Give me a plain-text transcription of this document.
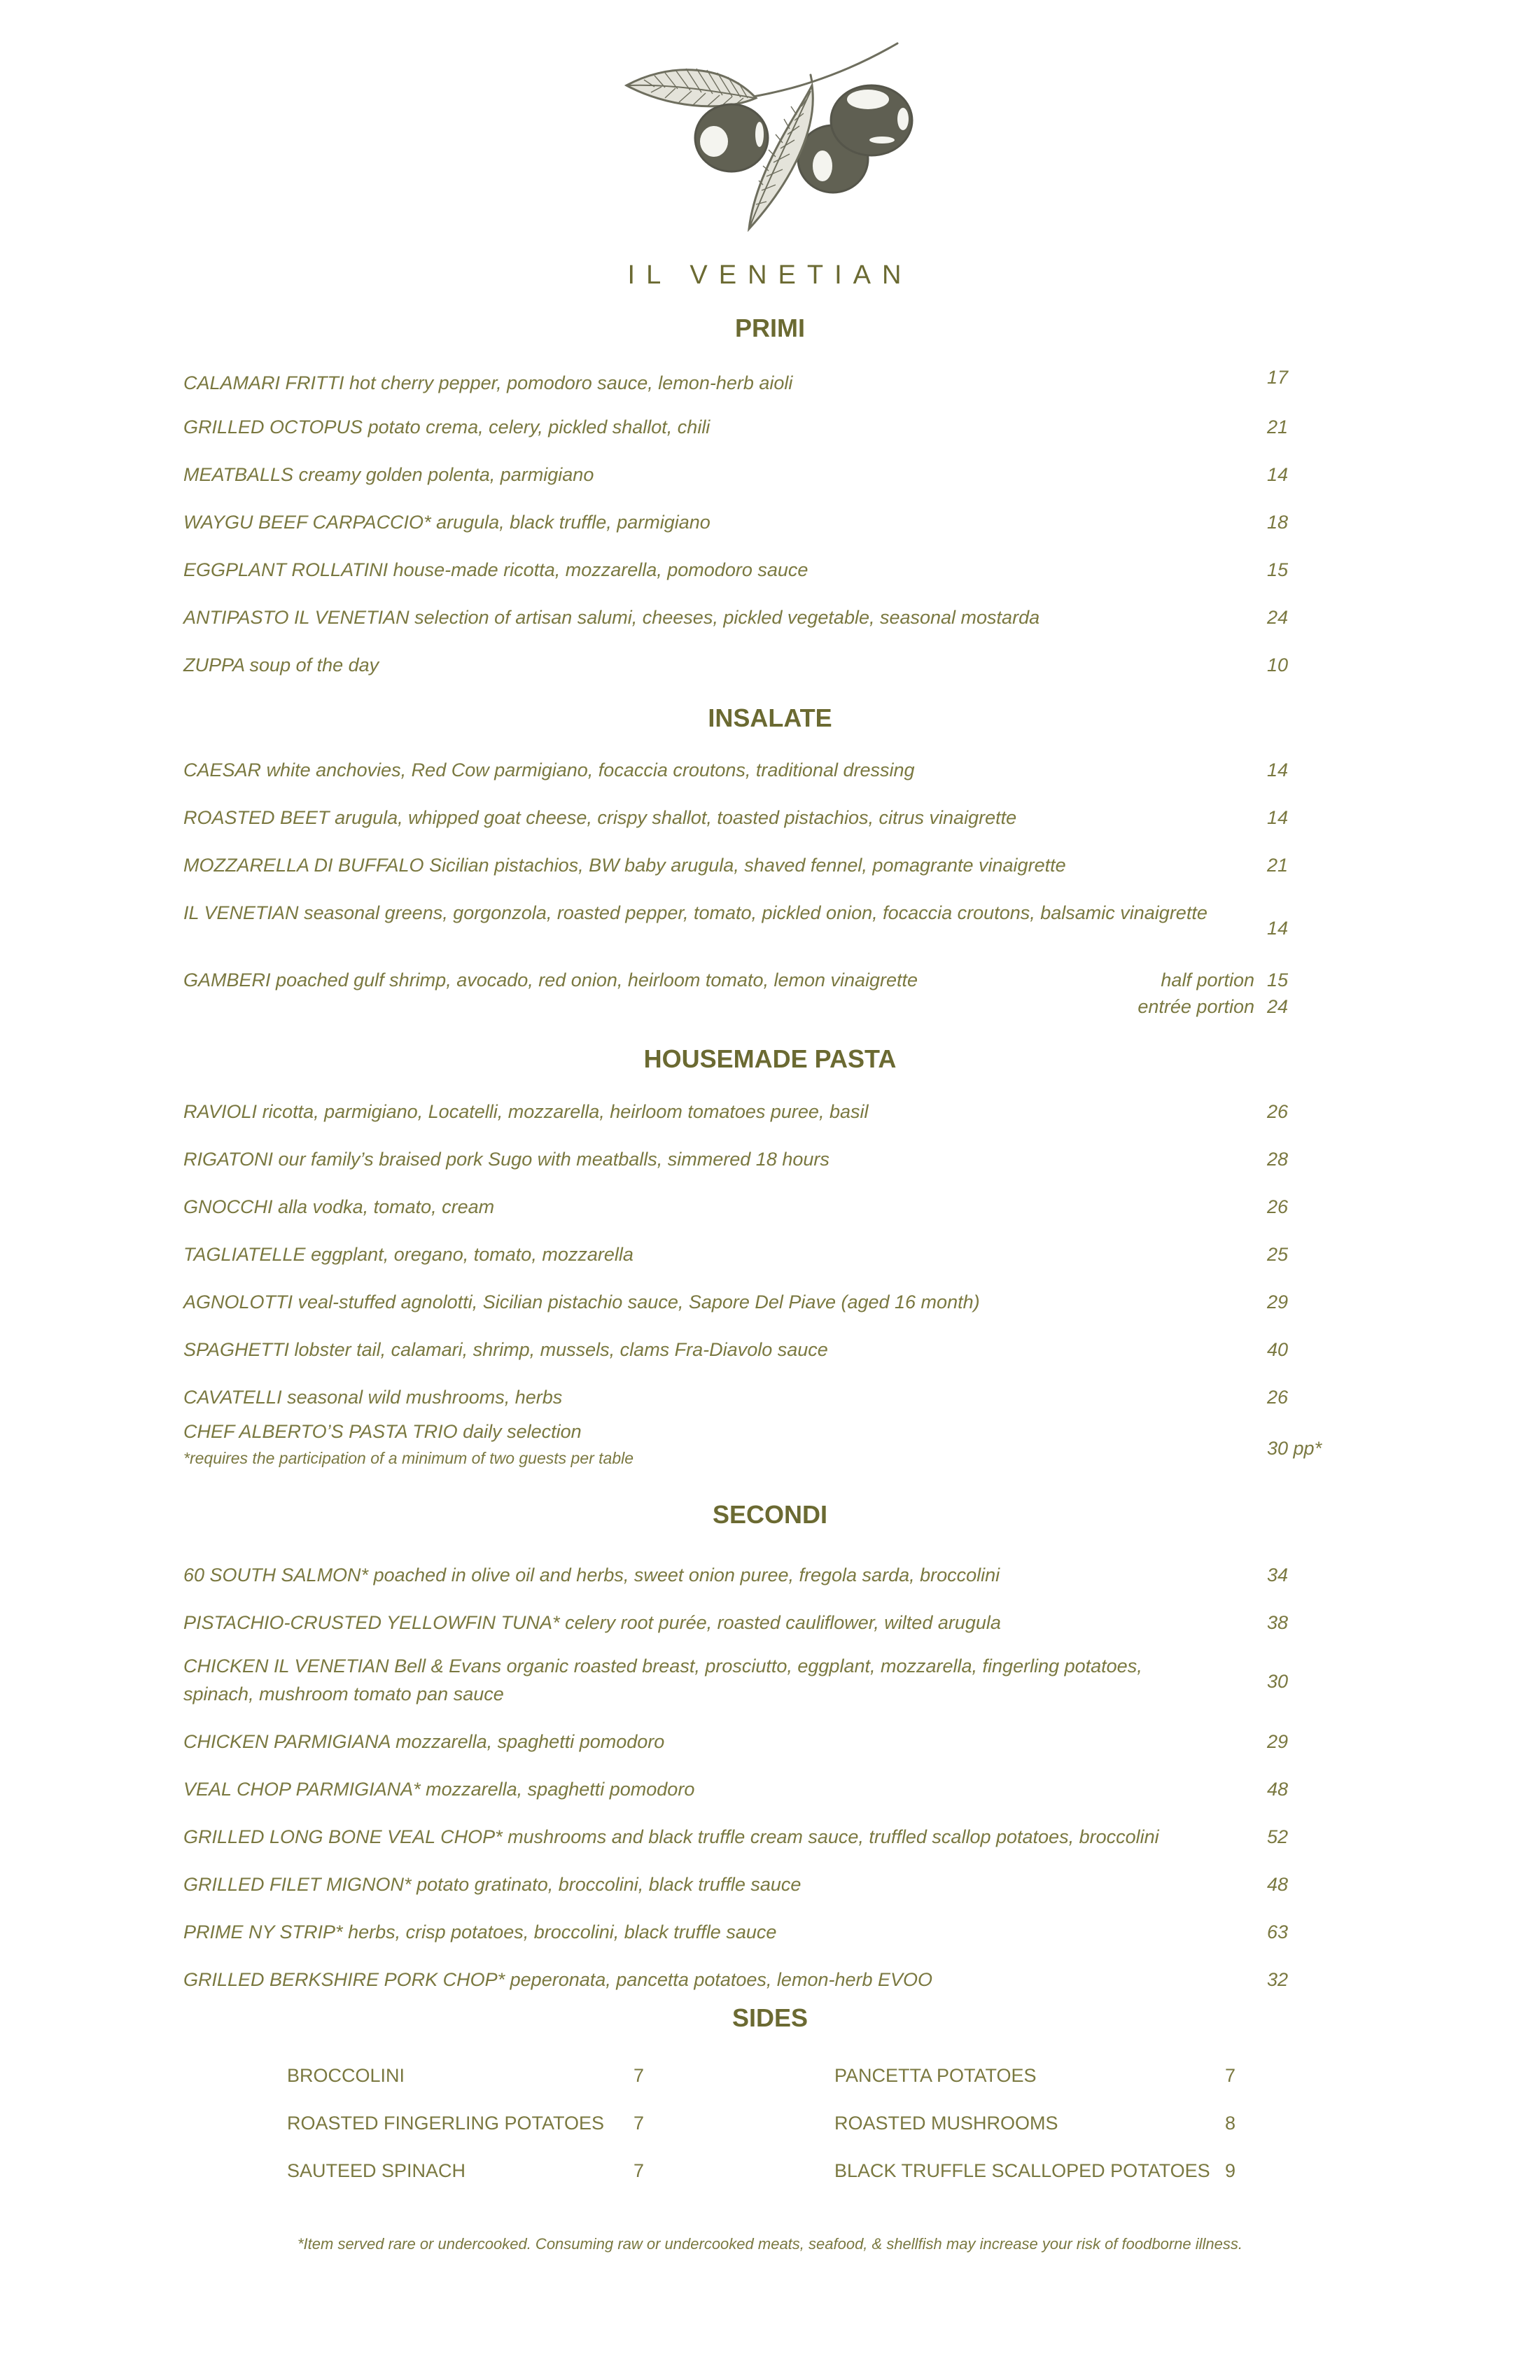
IL VENETIAN
PRIMI
CALAMARI FRITTI hot cherry pepper, pomodoro sauce, lemon-herb aioli	17
GRILLED OCTOPUS potato crema, celery, pickled shallot, chili	21
MEATBALLS creamy golden polenta, parmigiano	14
WAYGU BEEF CARPACCIO* arugula, black truffle, parmigiano	18
EGGPLANT ROLLATINI house-made ricotta, mozzarella, pomodoro sauce	15
ANTIPASTO IL VENETIAN selection of artisan salumi, cheeses, pickled vegetable, seasonal mostarda	24
ZUPPA soup of the day	10
INSALATE
CAESAR white anchovies, Red Cow parmigiano, focaccia croutons, traditional dressing	14
ROASTED BEET arugula, whipped goat cheese, crispy shallot, toasted pistachios, citrus vinaigrette	14
MOZZARELLA DI BUFFALO Sicilian pistachios, BW baby arugula, shaved fennel, pomagrante vinaigrette	21
IL VENETIAN seasonal greens, gorgonzola, roasted pepper, tomato, pickled onion, focaccia croutons, balsamic vinaigrette
14
GAMBERI poached gulf shrimp, avocado, red onion, heirloom tomato, lemon vinaigrette	half portion 15
entrée portion 24
HOUSEMADE PASTA
RAVIOLI ricotta, parmigiano, Locatelli, mozzarella, heirloom tomatoes puree, basil	26
RIGATONI our family’s braised pork Sugo with meatballs, simmered 18 hours	28
GNOCCHI alla vodka, tomato, cream	26
TAGLIATELLE eggplant, oregano, tomato, mozzarella	25
AGNOLOTTI veal-stuffed agnolotti, Sicilian pistachio sauce, Sapore Del Piave (aged 16 month)	29
SPAGHETTI lobster tail, calamari, shrimp, mussels, clams Fra-Diavolo sauce	40
CAVATELLI seasonal wild mushrooms, herbs	26
CHEF ALBERTO’S PASTA TRIO daily selection
*requires the participation of a minimum of two guests per table	30 pp*
SECONDI
60 SOUTH SALMON* poached in olive oil and herbs, sweet onion puree, fregola sarda, broccolini	34
PISTACHIO-CRUSTED YELLOWFIN TUNA* celery root purée, roasted cauliflower, wilted arugula	38
CHICKEN IL VENETIAN Bell & Evans organic roasted breast, prosciutto, eggplant, mozzarella, fingerling potatoes, spinach, mushroom tomato pan sauce
30
CHICKEN PARMIGIANA mozzarella, spaghetti pomodoro	29
VEAL CHOP PARMIGIANA* mozzarella, spaghetti pomodoro	48
GRILLED LONG BONE VEAL CHOP* mushrooms and black truffle cream sauce, truffled scallop potatoes, broccolini	52
GRILLED FILET MIGNON* potato gratinato, broccolini, black truffle sauce	48
PRIME NY STRIP* herbs, crisp potatoes, broccolini, black truffle sauce	63
GRILLED BERKSHIRE PORK CHOP* peperonata, pancetta potatoes, lemon-herb EVOO	32
SIDES
BROCCOLINI	7
ROASTED FINGERLING POTATOES 7
SAUTEED SPINACH	7
PANCETTA POTATOES	7
ROASTED MUSHROOMS	8
BLACK TRUFFLE SCALLOPED POTATOES 9
*Item served rare or undercooked. Consuming raw or undercooked meats, seafood, & shellfish may increase your risk of foodborne illness.
